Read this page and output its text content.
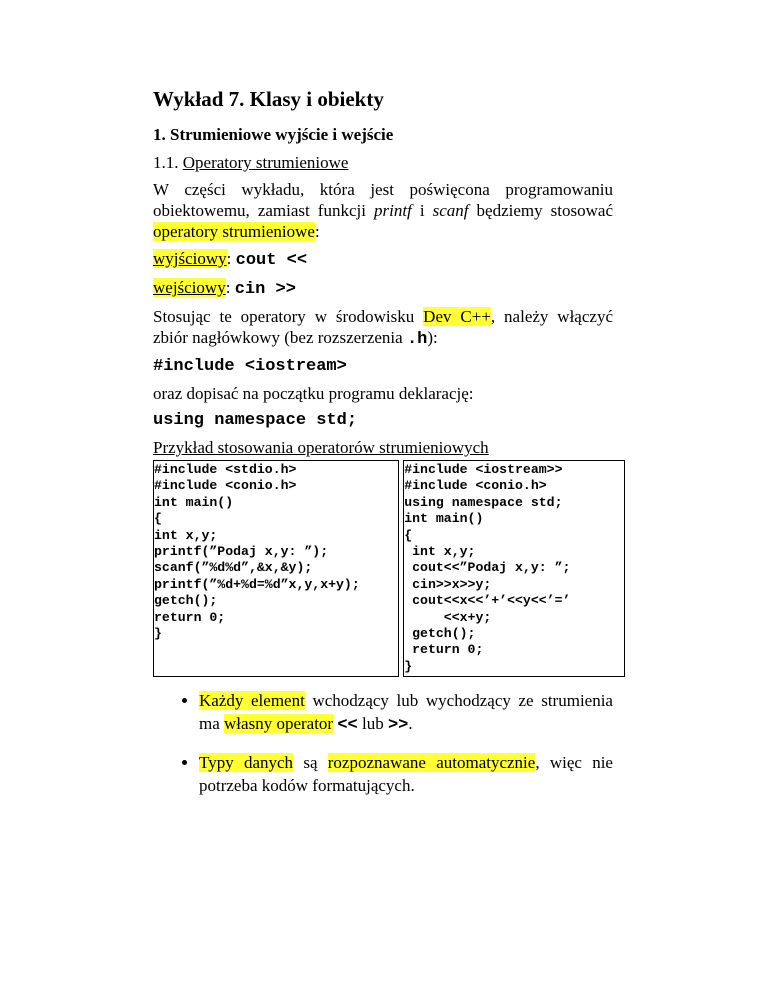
Wykład 7. Klasy i obiekty
1. Strumieniowe wyjście i wejście

1.1. Operatory strumieniowe

W części wykładu, która jest poświęcona programowaniu obiektowemu, zamiast funkcji printf i scanf będziemy stosować operatory strumieniowe:

wyjściowy: cout <<

wejściowy: cin >>

Stosując te operatory w środowisku Dev C++, należy włączyć zbiór nagłówkowy (bez rozszerzenia .h):

#include <iostream>

oraz dopisać na początku programu deklarację:

using namespace std;

Przykład stosowania operatorów strumieniowych

#include <stdio.h>
#include <conio.h>
int main()
{
int x,y;
printf(”Podaj x,y: ”);
scanf(”%d%d”,&x,&y);
printf(”%d+%d=%d”x,y,x+y);
getch();
return 0;
}		#include <iostream>>
#include <conio.h>
using namespace std;
int main()
{
int x,y;
cout<<”Podaj x,y: ”;
cin>>x>>y;
cout<<x<<’+’<<y<<’=’
<<x+y;
getch();
return 0;
}
• Każdy element wchodzący lub wychodzący ze strumienia ma własny operator << lub >>.
• Typy danych są rozpoznawane automatycznie, więc nie potrzeba kodów formatujących.
